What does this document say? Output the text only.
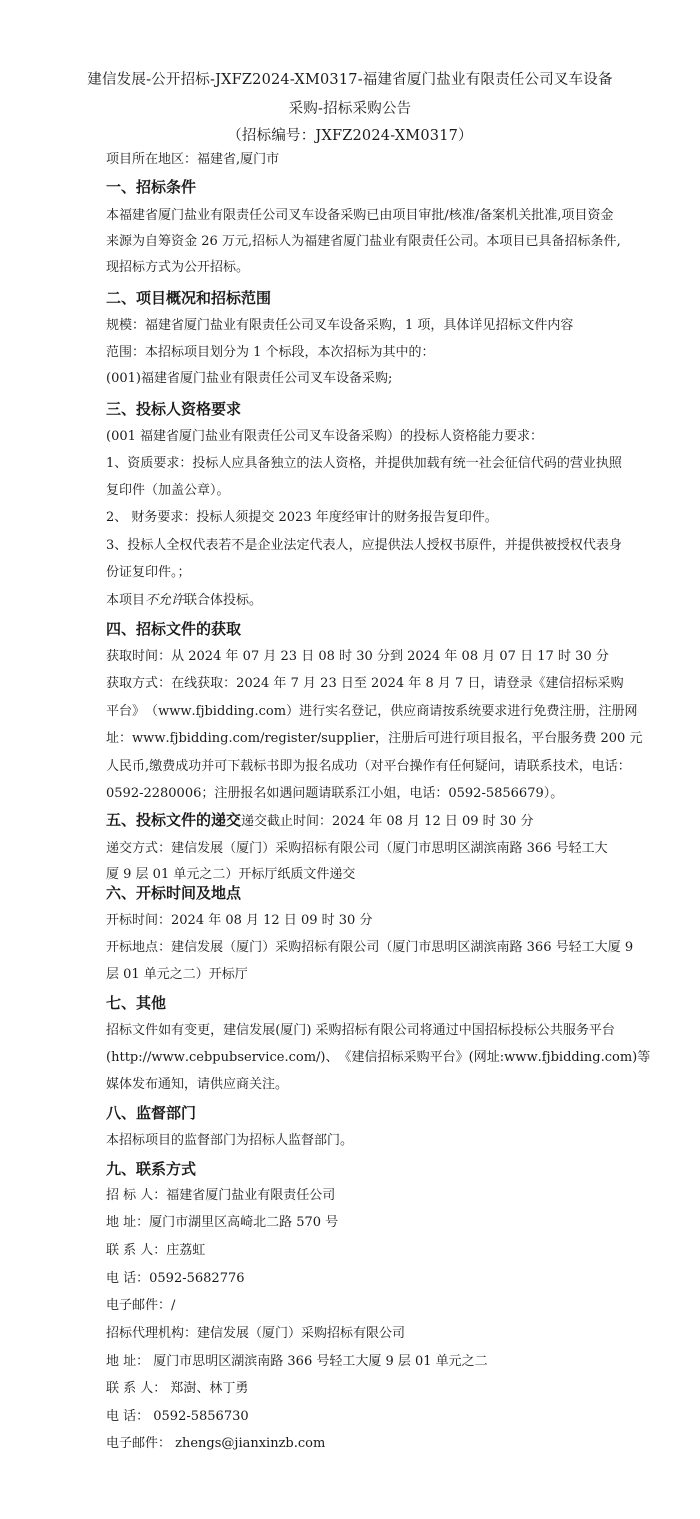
建信发展-公开招标-JXFZ2024-XM0317-福建省厦门盐业有限责任公司叉车设备
采购-招标采购公告
（招标编号：JXFZ2024-XM0317）
项目所在地区：福建省,厦门市
一、招标条件
本 福 建 省 厦 门 盐 业 有 限 责 任 公 司 叉 车 设 备 采 购 已 由 项 目 审 批 / 核 准 / 备 案 机 关 批 准 , 项 目 资 金
来 源 为 自 筹 资 金
2 6
万 元 , 招 标 人 为 福 建 省 厦 门 盐 业 有 限 责 任 公 司 。 本 项 目 已 具 备 招 标 条 件 ,
现招标方式为公开招标。
二、项目概况和招标范围
规模：福建省厦门盐业有限责任公司叉车设备采购，1 项，具体详见招标文件内容
范围：本招标项目划分为 1 个标段，本次招标为其中的：
(001)福建省厦门盐业有限责任公司叉车设备采购;
三、投标人资格要求
(001 福建省厦门盐业有限责任公司叉车设备采购）的投标人资格能力要求：
1 、 资 质 要 求 ： 投 标 人 应 具 备 独 立 的 法 人 资 格 ， 并 提 供 加 载 有 统 一 社 会 征 信 代 码 的 营 业 执 照
复印件（加盖公章）。
2、 财务要求：投标人须提交 2023 年度经审计的财务报告复印件。
3 、 投 标 人 全 权 代 表 若 不 是 企 业 法 定 代 表 人 ， 应 提 供 法 人 授 权 书 原 件 ， 并 提 供 被 授 权 代 表 身
份证复印件。；
本项目不允许联合体投标。
四、招标文件的获取
获 取 时 间 ： 从
2 0 2 4
年
0 7
月
2 3
日
0 8
时
3 0
分 到
2 0 2 4
年
0 8
月
0 7
日
1 7
时
3 0
分
获 取 方 式 ： 在 线 获 取 ： 2 0 2 4
年
7
月
2 3
日 至
2 0 2 4
年
8
月
7
日 ， 请 登 录 《 建 信 招 标 采 购
平 台 》 （ w w w . f j b i d d i n g . c o m ） 进 行 实 名 登 记 ， 供 应 商 请 按 系 统 要 求 进 行 免 费 注 册 ， 注 册 网
址 ： w w w . f j b i d d i n g . c o m / r e g i s t e r / s u p p l i e r ， 注 册 后 可 进 行 项 目 报 名 ， 平 台 服 务 费
2 0 0
元
人 民 币 , 缴 费 成 功 并 可 下 载 标 书 即 为 报 名 成 功 （ 对 平 台 操 作 有 任 何 疑 问 ， 请 联 系 技 术 ， 电 话 ：
0592-2280006；注册报名如遇问题请联系江小姐，电话：0592-5856679）。
五、投标文件的递交递交截止时间：2024 年 08 月 12 日 09 时 30 分
递 交 方 式 ： 建 信 发 展 （ 厦 门 ） 采 购 招 标 有 限 公 司 （ 厦 门 市 思 明 区 湖 滨 南 路
3 6 6
号 轻 工 大
厦 9 层 01 单元之二）开标厅纸质文件递交
六、开标时间及地点
开标时间：2024 年 08 月 12 日 09 时 30 分
开 标 地 点 ： 建 信 发 展 （ 厦 门 ） 采 购 招 标 有 限 公 司 （ 厦 门 市 思 明 区 湖 滨 南 路
3 6 6
号 轻 工 大 厦
9
层 01 单元之二）开标厅
七、其他
招 标 文 件 如 有 变 更 ， 建 信 发 展 ( 厦 门 )
采 购 招 标 有 限 公 司 将 通 过 中 国 招 标 投 标 公 共 服 务 平 台
( h t t p : / / w w w . c e b p u b s e r v i c e . c o m / ) 、 《 建 信 招 标 采 购 平 台 》 ( 网 址 : w w w . f j b i d d i n g . c o m ) 等
媒体发布通知，请供应商关注。
八、监督部门
本招标项目的监督部门为招标人监督部门。
九、联系方式
招 标 人：福建省厦门盐业有限责任公司
地 址：厦门市湖里区高崎北二路 570 号
联 系 人：庄荔虹
电 话：0592-5682776
电子邮件：/
招标代理机构：建信发展（厦门）采购招标有限公司
地 址： 厦门市思明区湖滨南路 366 号轻工大厦 9 层 01 单元之二
联 系 人： 郑澍、林丁勇
电 话： 0592-5856730
电子邮件： zhengs@jianxinzb.com
